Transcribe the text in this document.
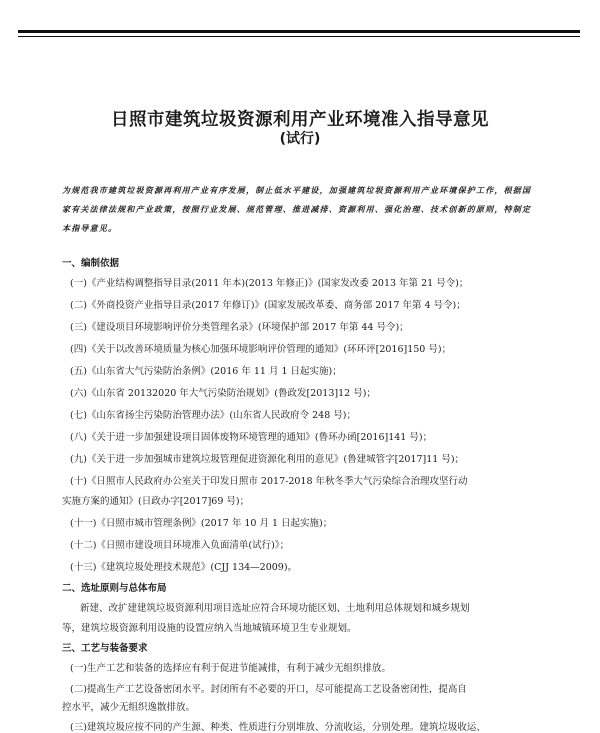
日照市建筑垃圾资源利用产业环境准入指导意见
(试行)
为规范我市建筑垃圾资源再利用产业有序发展，制止低水平建设，加强建筑垃圾资源利用产业环境保护工作，根据国家有关法律法规和产业政策，按照行业发展、规范管理、推进减排、资源利用、强化治理、技术创新的原则，特制定本指导意见。
一、编制依据
(一)《产业结构调整指导目录(2011 年本)(2013 年修正)》(国家发改委 2013 年第 21 号令)；
(二)《外商投资产业指导目录(2017 年修订)》(国家发展改革委、商务部 2017 年第 4 号令)；
(三)《建设项目环境影响评价分类管理名录》(环境保护部 2017 年第 44 号令)；
(四)《关于以改善环境质量为核心加强环境影响评价管理的通知》(环环评[2016]150 号)；
(五)《山东省大气污染防治条例》(2016 年 11 月 1 日起实施)；
(六)《山东省 20132020 年大气污染防治规划》(鲁政发[2013]12 号)；
(七)《山东省扬尘污染防治管理办法》(山东省人民政府令 248 号)；
(八)《关于进一步加强建设项目固体废物环境管理的通知》(鲁环办函[2016]141 号)；
(九)《关于进一步加强城市建筑垃圾管理促进资源化利用的意见》(鲁建城管字[2017]11 号)；
(十)《日照市人民政府办公室关于印发日照市 2017-2018 年秋冬季大气污染综合治理攻坚行动
实施方案的通知》(日政办字[2017]69 号)；
(十一)《日照市城市管理条例》(2017 年 10 月 1 日起实施)；
(十二)《日照市建设项目环境准入负面清单(试行)》；
(十三)《建筑垃圾处理技术规范》(CJJ 134—2009)。
二、选址原则与总体布局
新建、改扩建建筑垃圾资源利用项目选址应符合环境功能区划、土地利用总体规划和城乡规划
等，建筑垃圾资源利用设施的设置应纳入当地城镇环境卫生专业规划。
三、工艺与装备要求
(一)生产工艺和装备的选择应有利于促进节能减排，有利于减少无组织排放。
(二)提高生产工艺设备密闭水平。封闭所有不必要的开口，尽可能提高工艺设备密闭性，提高自
控水平，减少无组织逸散排放。
(三)建筑垃圾应按不同的产生源、种类、性质进行分别堆放、分流收运，分别处理。建筑垃圾收运、
